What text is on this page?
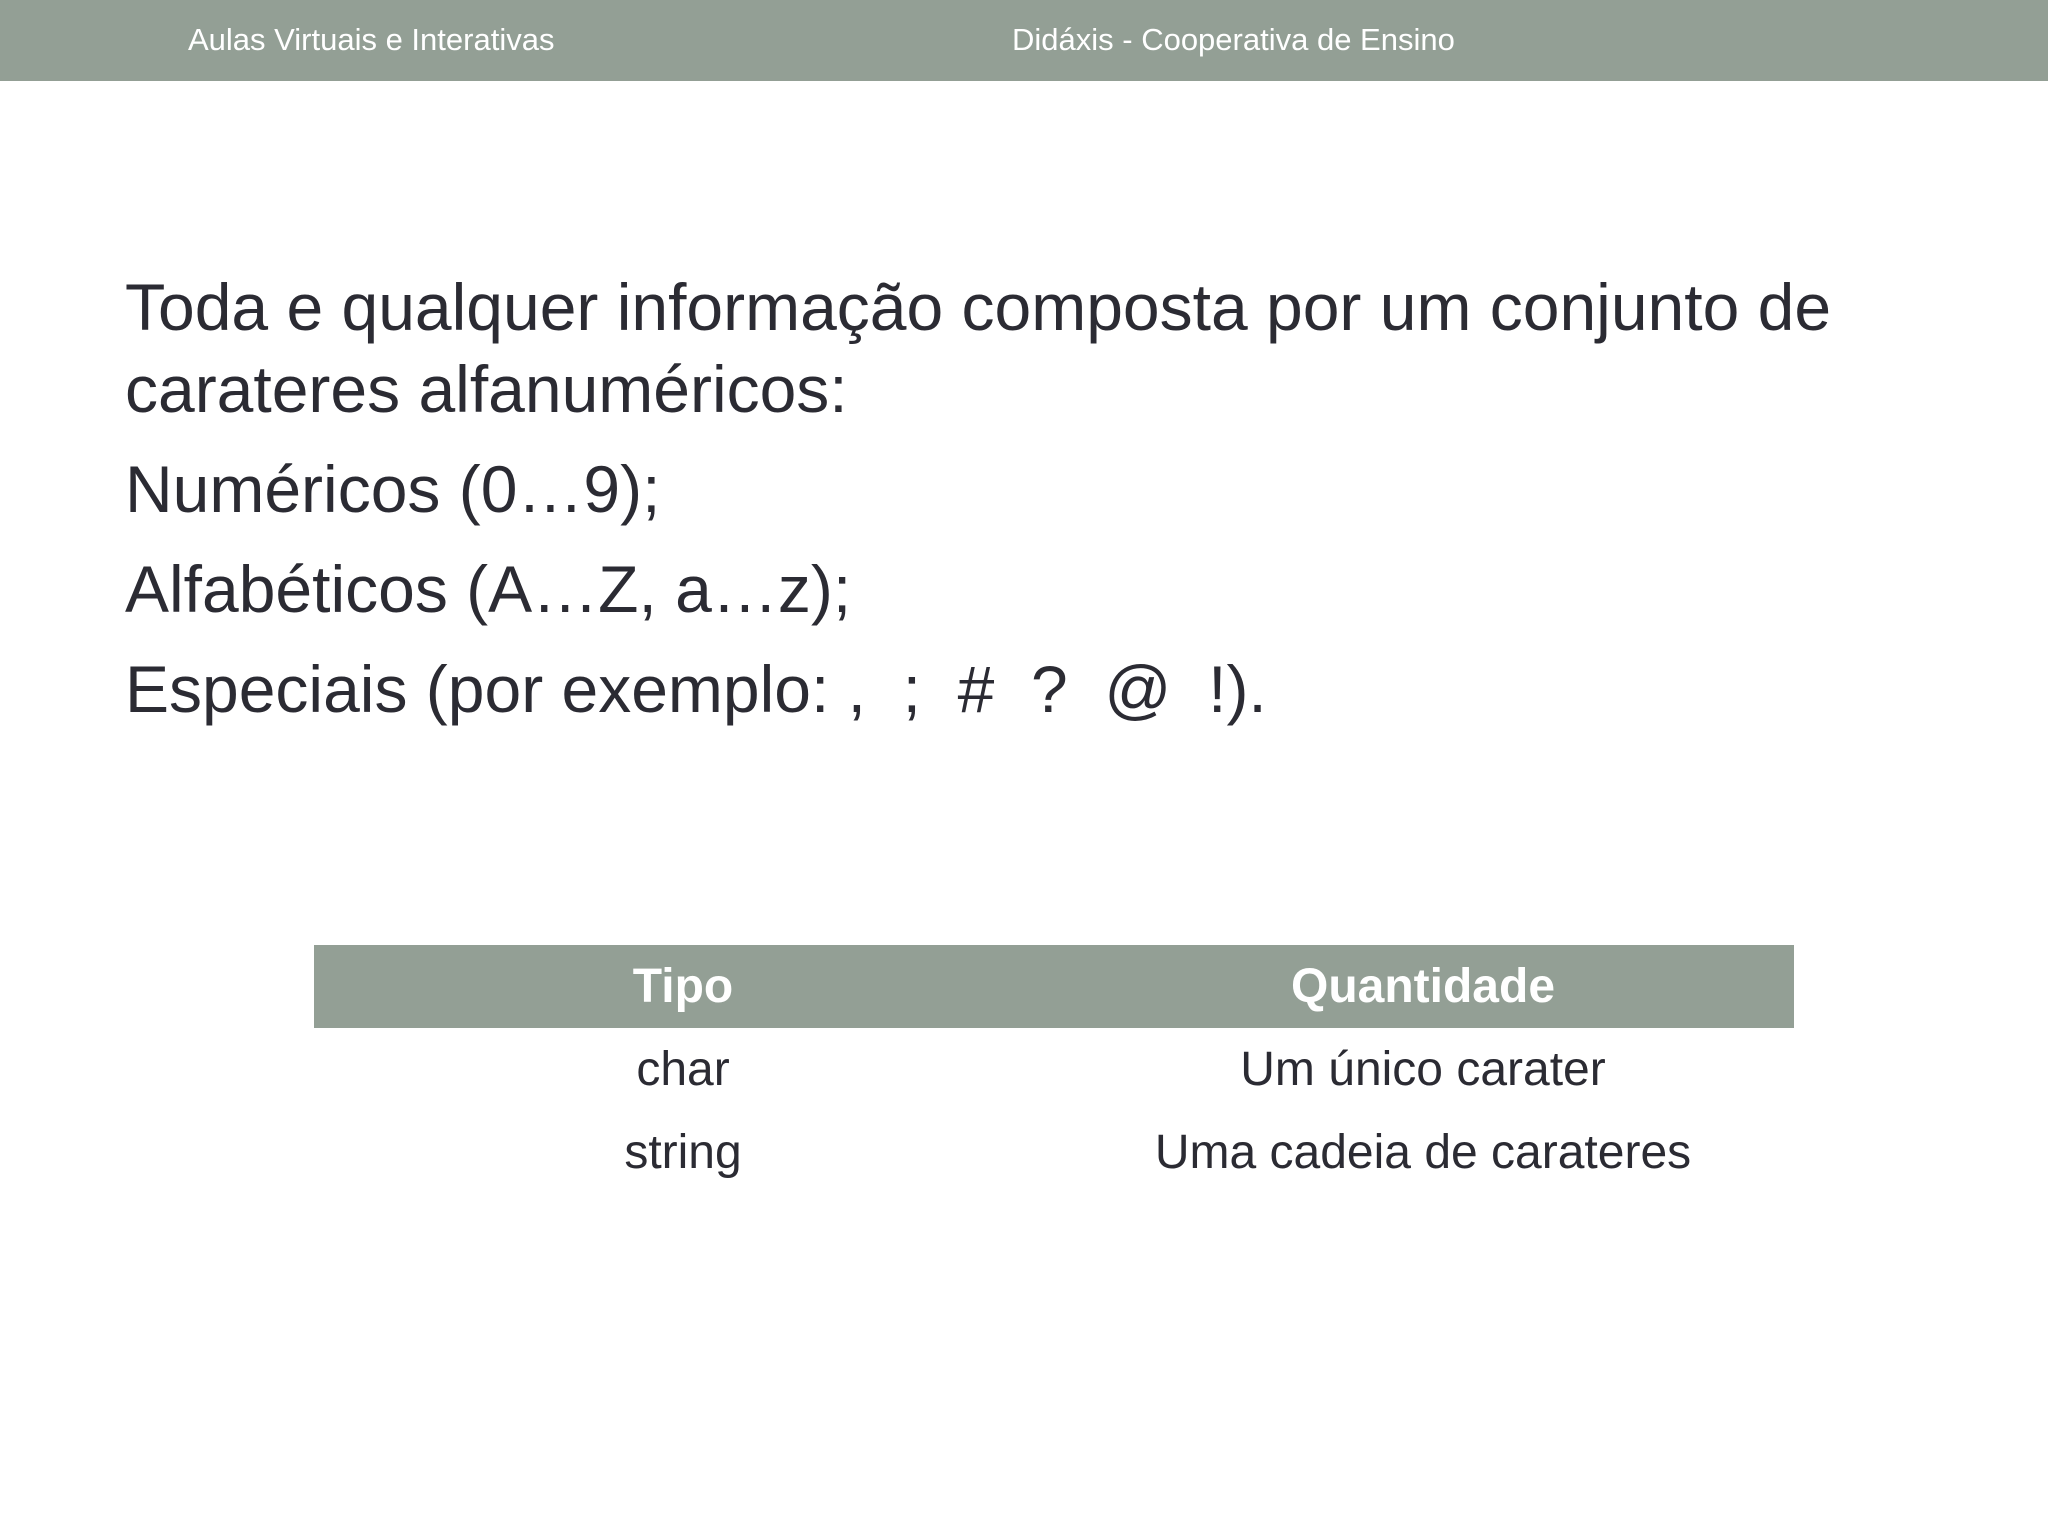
Aulas Virtuais e Interativas	Didáxis - Cooperativa de Ensino

Toda e qualquer informação composta por um conjunto de carateres alfanuméricos:

Numéricos (0…9);

Alfabéticos (A…Z, a…z);

Especiais (por exemplo: ,  ;  #  ?  @  !).

Tipo	Quantidade
char	Um único carater
string	Uma cadeia de carateres
